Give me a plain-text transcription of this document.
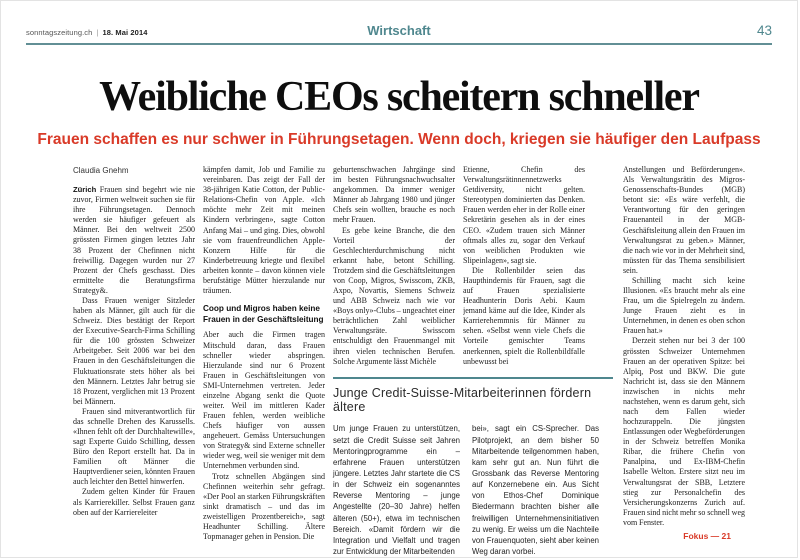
sonntagszeitung.ch | 18. Mai 2014	Wirtschaft	43
Weibliche CEOs scheitern schneller

Frauen schaffen es nur schwer in Führungsetagen. Wenn doch, kriegen sie häufiger den Laufpass

Claudia Gnehm

Zürich Frauen sind begehrt wie nie zuvor, Firmen weltweit suchen sie für ihre Führungsetagen. Dennoch werden sie häufiger gefeuert als Männer. Bei den weltweit 2500 grössten Firmen gingen letztes Jahr 38 Prozent der Chefinnen nicht freiwillig. Dagegen wurden nur 27 Prozent der Chefs geschasst. Dies ermittelte die Beratungsfirma Strategy&.

Dass Frauen weniger Sitzleder haben als Männer, gilt auch für die Schweiz. Dies bestätigt der Report der Executive-Search-Firma Schilling für die 100 grössten Schweizer Arbeitgeber. Seit 2006 war bei den Frauen in den Geschäftsleitungen die Fluktuationsrate stets höher als bei den Männern. Letztes Jahr betrug sie 18 Prozent, verglichen mit 13 Prozent bei Männern.

Frauen sind mitverantwortlich für das schnelle Drehen des Karussells. «Ihnen fehlt oft der Durchhaltewille», sagt Experte Guido Schilling, dessen Büro den Report erstellt hat. Da in Familien oft Männer die Hauptverdiener seien, könnten Frauen auch leichter den Bettel hinwerfen.

Zudem gelten Kinder für Frauen als Karrierekiller. Selbst Frauen ganz oben auf der Karriereleiter

kämpfen damit, Job und Familie zu vereinbaren. Das zeigt der Fall der 38-jährigen Katie Cotton, der Public-Relations-Chefin von Apple. «Ich möchte mehr Zeit mit meinen Kindern verbringen», sagte Cotton Anfang Mai – und ging. Dies, obwohl sie vom frauenfreundlichen Apple-Konzern Hilfe für die Kinderbetreuung kriegte und flexibel arbeiten konnte – davon können viele berufstätige Mütter hierzulande nur träumen.

Coop und Migros haben keine Frauen in der Geschäftsleitung

Aber auch die Firmen tragen Mitschuld daran, dass Frauen schneller wieder abspringen. Hierzulande sind nur 6 Prozent Frauen in Geschäftsleitungen von SMI-Unternehmen vertreten. Jeder einzelne Abgang senkt die Quote weiter. Weil im mittleren Kader Frauen fehlen, werden weibliche Chefs häufiger von aussen angeheuert. Gemäss Untersuchungen von Strategy& sind Externe schneller wieder weg, weil sie weniger mit dem Unternehmen verbunden sind.

Trotz schnellen Abgängen sind Chefinnen weiterhin sehr gefragt. «Der Pool an starken Führungskräften sinkt dramatisch – und das im zweistelligen Prozentbereich», sagt Headhunter Schilling. Ältere Topmanager gehen in Pension. Die

geburtenschwachen Jahrgänge sind im besten Führungsnachwuchsalter angekommen. Da immer weniger Männer ab Jahrgang 1980 und jünger Chefs sein wollten, brauche es noch mehr Frauen.

Es gebe keine Branche, die den Vorteil der Geschlechterdurchmischung nicht erkannt habe, betont Schilling. Trotzdem sind die Geschäftsleitungen von Coop, Migros, Swisscom, ZKB, Axpo, Novartis, Siemens Schweiz und ABB Schweiz nach wie vor «Boys only»-Clubs – ungeachtet einer beträchtlichen Zahl weiblicher Verwaltungsräte. Swisscom entschuldigt den Frauenmangel mit ihren vielen technischen Berufen. Solche Argumente lässt Michèle

Etienne, Chefin des Verwaltungsrätinnennetzwerks Getdiversity, nicht gelten. Stereotypen dominierten das Denken. Frauen werden eher in der Rolle einer Sekretärin gesehen als in der eines CEO. «Zudem trauen sich Männer oftmals alles zu, sogar den Verkauf von weiblichen Produkten wie Slipeinlagen», sagt sie.

Die Rollenbilder seien das Haupthindernis für Frauen, sagt die auf Frauen spezialisierte Headhunterin Doris Aebi. Kaum jemand käme auf die Idee, Kinder als Karrierehemmnis für Männer zu sehen. «Selbst wenn viele Chefs die Vorteile gemischter Teams anerkennen, spielt die Rollenbildfalle unbewusst bei

Junge Credit-Suisse-Mitarbeiterinnen fördern ältere

Um junge Frauen zu unterstützen, setzt die Credit Suisse seit Jahren Mentoringprogramme ein – erfahrene Frauen unterstützen jüngere. Letztes Jahr startete die CS in der Schweiz ein sogenanntes Reverse Mentoring – junge Angestellte (20–30 Jahre) helfen älteren (50+), etwa im technischen Bereich. «Damit fördern wir die Integration und Vielfalt und tragen zur Entwicklung der Mitarbeitenden

bei», sagt ein CS-Sprecher. Das Pilotprojekt, an dem bisher 50 Mitarbeitende teilgenommen haben, kam sehr gut an. Nun führt die Grossbank das Reverse Mentoring auf Konzernebene ein. Aus Sicht von Ethos-Chef Dominique Biedermann brachten bisher alle freiwilligen Unternehmensinitiativen zu wenig. Er weiss um die Nachteile von Frauenquoten, sieht aber keinen Weg daran vorbei.

Anstellungen und Beförderungen». Als Verwaltungsrätin des Migros-Genossenschafts-Bundes (MGB) betont sie: «Es wäre verfehlt, die Verantwortung für den geringen Frauenanteil in der MGB-Geschäftsleitung allein den Frauen im Verwaltungsrat zu geben.» Männer, die nach wie vor in der Mehrheit sind, müssten für das Thema sensibilisiert sein.

Schilling macht sich keine Illusionen. «Es braucht mehr als eine Frau, um die Spielregeln zu ändern. Junge Frauen zieht es in Unternehmen, in denen es oben schon Frauen hat.»

Derzeit stehen nur bei 3 der 100 grössten Schweizer Unternehmen Frauen an der operativen Spitze: bei Alpiq, Post und BKW. Die gute Nachricht ist, dass sie den Männern inzwischen in nichts mehr nachstehen, wenn es darum geht, sich nach dem Fallen wieder hochzurappeln. Die jüngsten Entlassungen oder Wegbeförderungen in der Schweiz betreffen Monika Ribar, die frühere Chefin von Panalpina, und Ex-IBM-Chefin Isabelle Welton. Erstere sitzt neu im Verwaltungsrat der SBB, Letztere stieg zur Personalchefin des Versicherungskonzerns Zurich auf. Frauen sind nicht mehr so schnell weg vom Fenster.

Fokus — 21
